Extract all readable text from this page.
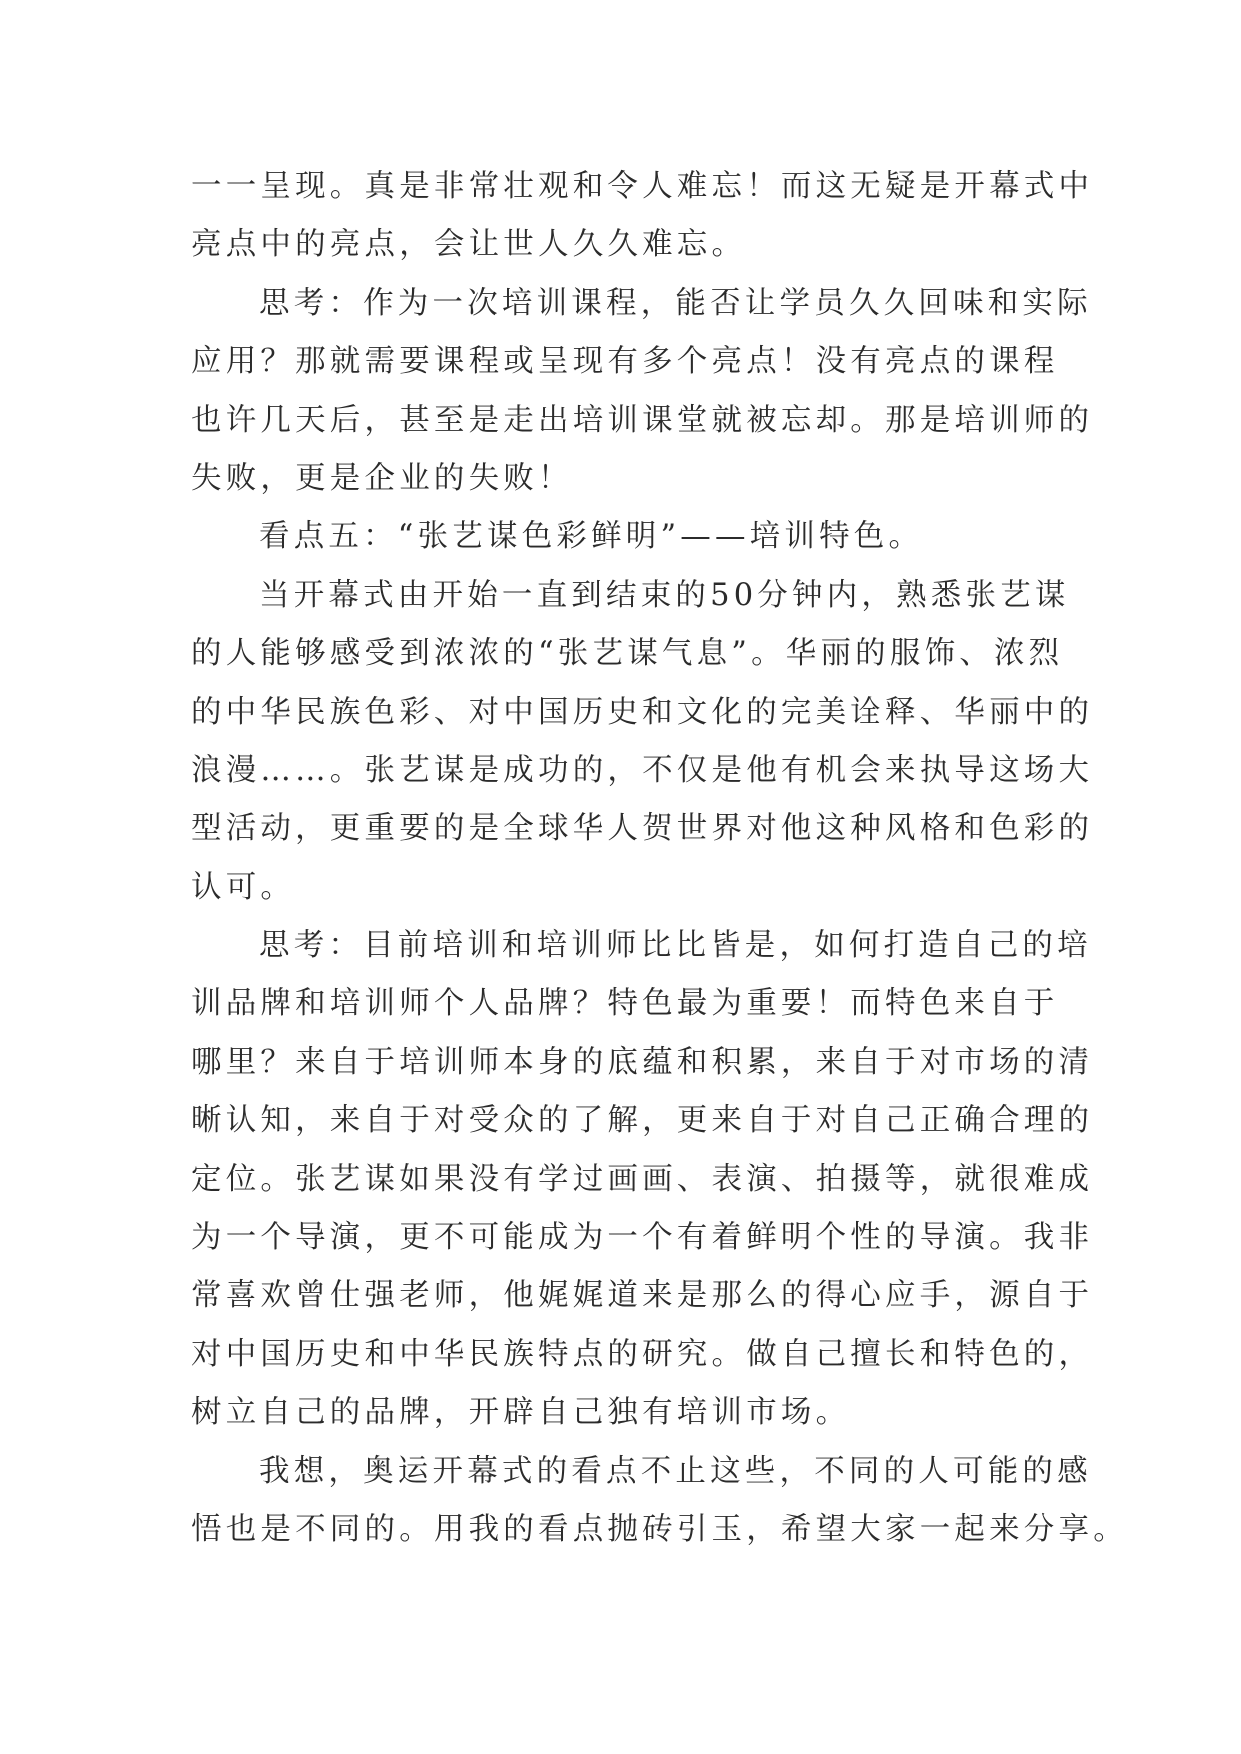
一一呈现。真是非常壮观和令人难忘！而这无疑是开幕式中
亮点中的亮点，会让世人久久难忘。
思考：作为一次培训课程，能否让学员久久回味和实际
应用？那就需要课程或呈现有多个亮点！没有亮点的课程
也许几天后，甚至是走出培训课堂就被忘却。那是培训师的
失败，更是企业的失败！
看点五：“张艺谋色彩鲜明”——培训特色。
当开幕式由开始一直到结束的50分钟内，熟悉张艺谋
的人能够感受到浓浓的“张艺谋气息”。华丽的服饰、浓烈
的中华民族色彩、对中国历史和文化的完美诠释、华丽中的
浪漫……。张艺谋是成功的，不仅是他有机会来执导这场大
型活动，更重要的是全球华人贺世界对他这种风格和色彩的
认可。
思考：目前培训和培训师比比皆是，如何打造自己的培
训品牌和培训师个人品牌？特色最为重要！而特色来自于
哪里？来自于培训师本身的底蕴和积累，来自于对市场的清
晰认知，来自于对受众的了解，更来自于对自己正确合理的
定位。张艺谋如果没有学过画画、表演、拍摄等，就很难成
为一个导演，更不可能成为一个有着鲜明个性的导演。我非
常喜欢曾仕强老师，他娓娓道来是那么的得心应手，源自于
对中国历史和中华民族特点的研究。做自己擅长和特色的，
树立自己的品牌，开辟自己独有培训市场。
我想，奥运开幕式的看点不止这些，不同的人可能的感
悟也是不同的。用我的看点抛砖引玉，希望大家一起来分享。
